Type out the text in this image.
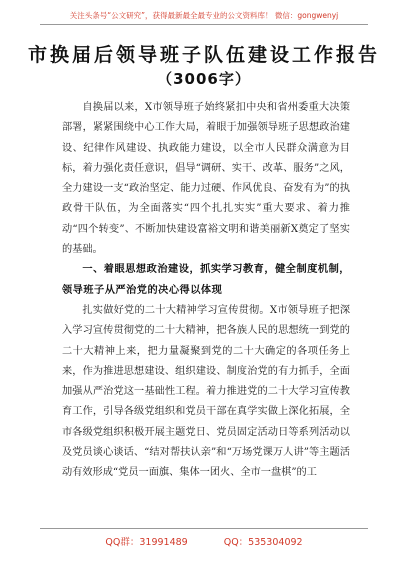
关注头条号“公文研究”，获得最新最全最专业的公文资料库！ 微信：gongwenyj
市换届后领导班子队伍建设工作报告
（3006字）

自换届以来，X市领导班子始终紧扣中央和省州委重大决策部署，紧紧围绕中心工作大局，着眼于加强领导班子思想政治建设、纪律作风建设、执政能力建设，以全市人民群众满意为目标，着力强化责任意识，倡导“调研、实干、改革、服务”之风，全力建设一支“政治坚定、能力过硬、作风优良、奋发有为”的执政骨干队伍，为全面落实“四个扎扎实实”重大要求、着力推动“四个转变”、不断加快建设富裕文明和谐美丽新X奠定了坚实的基础。

一、着眼思想政治建设，抓实学习教育，健全制度机制，领导班子从严治党的决心得以体现

扎实做好党的二十大精神学习宣传贯彻。X市领导班子把深入学习宣传贯彻党的二十大精神，把各族人民的思想统一到党的二十大精神上来，把力量凝聚到党的二十大确定的各项任务上来，作为推进思想建设、组织建设、制度治党的有力抓手，全面加强从严治党这一基础性工程。着力推进党的二十大学习宣传教育工作，引导各级党组织和党员干部在真学实做上深化拓展，全市各级党组织积极开展主题党日、党员固定活动日等系列活动以及党员谈心谈话、“结对帮扶认亲”和“万场党课万人讲”等主题活动有效形成“党员一面旗、集体一团火、全市一盘棋”的工

QQ群：31991489	QQ：535304092
